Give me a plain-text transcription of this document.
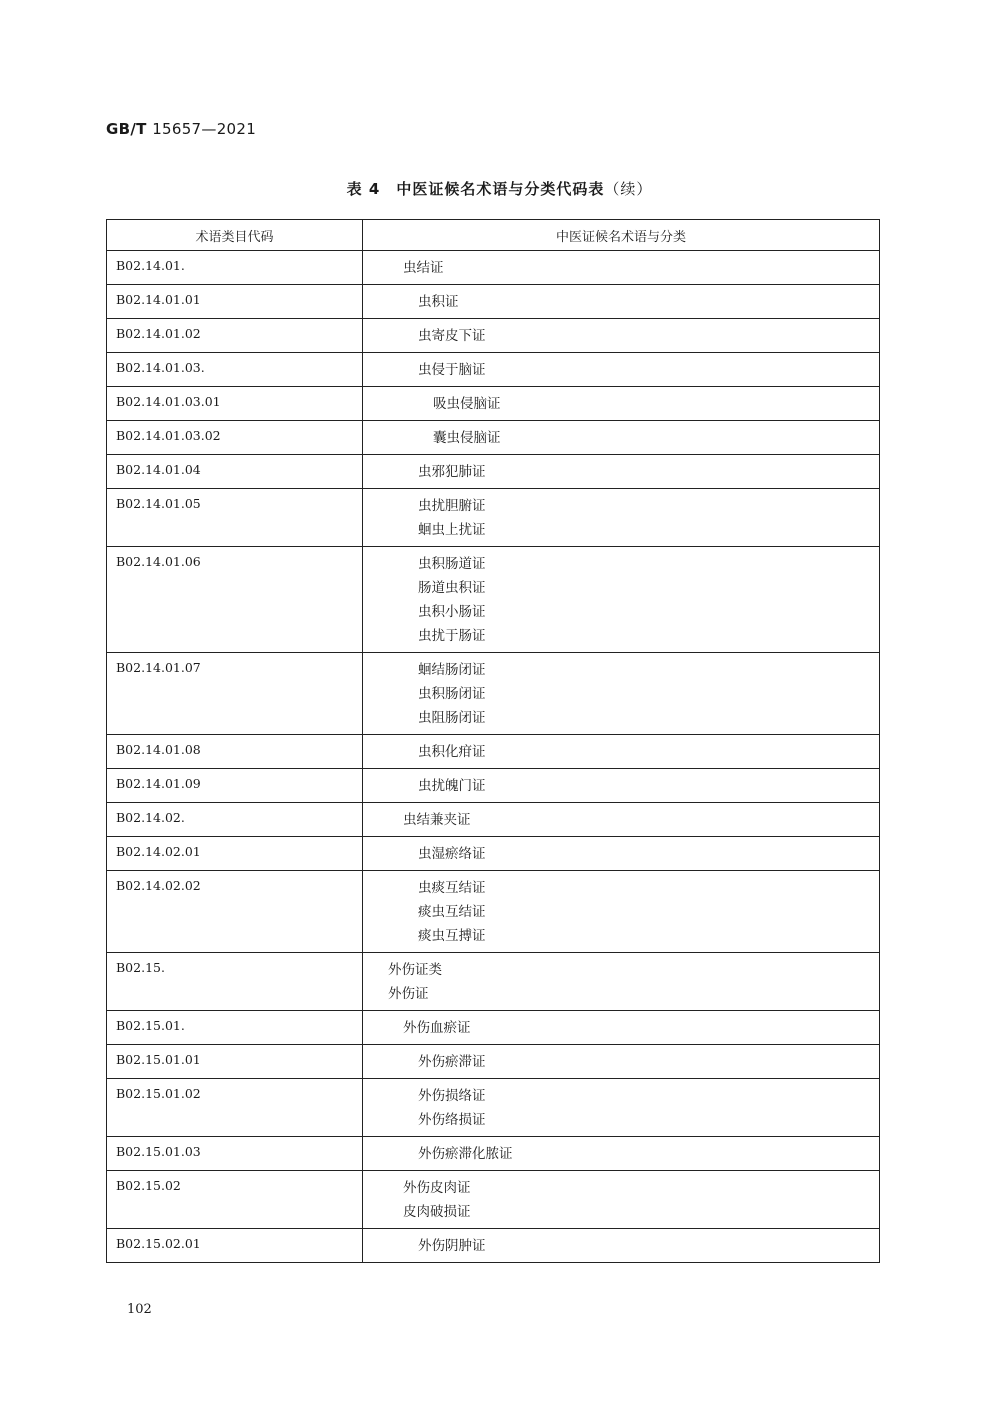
GB/T 15657—2021
表 4　中医证候名术语与分类代码表（续）
术语类目代码	中医证候名术语与分类
B02.14.01.	虫结证

B02.14.01.01	虫积证

B02.14.01.02	虫寄皮下证

B02.14.01.03.	虫侵于脑证

B02.14.01.03.01	吸虫侵脑证

B02.14.01.03.02	囊虫侵脑证

B02.14.01.04	虫邪犯肺证

B02.14.01.05	虫扰胆腑证
蛔虫上扰证

B02.14.01.06	虫积肠道证
肠道虫积证
虫积小肠证
虫扰于肠证

B02.14.01.07	蛔结肠闭证
虫积肠闭证
虫阻肠闭证

B02.14.01.08	虫积化疳证

B02.14.01.09	虫扰魄门证

B02.14.02.	虫结兼夹证

B02.14.02.01	虫湿瘀络证

B02.14.02.02	虫痰互结证
痰虫互结证
痰虫互搏证

B02.15.	外伤证类
外伤证

B02.15.01.	外伤血瘀证

B02.15.01.01	外伤瘀滞证

B02.15.01.02	外伤损络证
外伤络损证

B02.15.01.03	外伤瘀滞化脓证

B02.15.02	外伤皮肉证
皮肉破损证

B02.15.02.01	外伤阴肿证
102
